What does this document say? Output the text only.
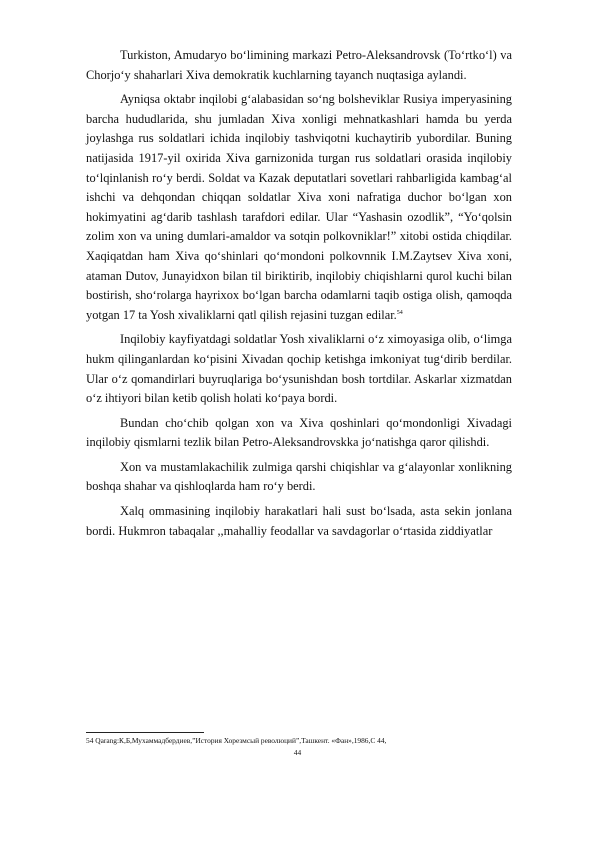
Turkiston, Amudaryo bo‘limining markazi Petro-Aleksandrovsk (To‘rtko‘l) va Chorjo‘y shaharlari Xiva demokratik kuchlarning tayanch nuqtasiga aylandi.

Ayniqsa oktabr inqilobi g‘alabasidan so‘ng bolsheviklar Rusiya imperyasining barcha hududlarida, shu jumladan Xiva xonligi mehnatkashlari hamda bu yerda joylashga rus soldatlari ichida inqilobiy tashviqotni kuchaytirib yubordilar. Buning natijasida 1917-yil oxirida Xiva garnizonida turgan rus soldatlari orasida inqilobiy to‘lqinlanish ro‘y berdi. Soldat va Kazak deputatlari sovetlari rahbarligida kambag‘al ishchi va dehqondan chiqqan soldatlar Xiva xoni nafratiga duchor bo‘lgan xon hokimyatini ag‘darib tashlash tarafdori edilar. Ular “Yashasin ozodlik”, “Yo‘qolsin zolim xon va uning dumlari-amaldor va sotqin polkovniklar!” xitobi ostida chiqdilar. Xaqiqatdan ham Xiva qo‘shinlari qo‘mondoni polkovnnik I.M.Zaytsev Xiva xoni, ataman Dutov, Junayidxon bilan til biriktirib, inqilobiy chiqishlarni qurol kuchi bilan bostirish, sho‘rolarga hayrixox bo‘lgan barcha odamlarni taqib ostiga olish, qamoqda yotgan 17 ta Yosh xivaliklarni qatl qilish rejasini tuzgan edilar.$^{54}$

Inqilobiy kayfiyatdagi soldatlar Yosh xivaliklarni o‘z ximoyasiga olib, o‘limga hukm qilinganlardan ko‘pisini Xivadan qochip ketishga imkoniyat tug‘dirib berdilar. Ular o‘z qomandirlari buyruqlariga bo‘ysunishdan bosh tortdilar. Askarlar xizmatdan o‘z ihtiyori bilan ketib qolish holati ko‘paya bordi.

Bundan cho‘chib qolgan xon va Xiva qoshinlari qo‘mondonligi Xivadagi inqilobiy qismlarni tezlik bilan Petro-Aleksandrovskka jo‘natishga qaror qilishdi.

Xon va mustamlakachilik zulmiga qarshi chiqishlar va g‘alayonlar xonlikning boshqa shahar va qishloqlarda ham ro‘y berdi.

Xalq ommasining inqilobiy harakatlari hali sust bo‘lsada, asta sekin jonlana bordi. Hukmron tabaqalar ,,mahalliy feodallar va savdagorlar o‘rtasida ziddiyatlar

54 Qarang:К,Б,Мухаммадбердиев,”История Хорезмсый революций”,Ташкент. «Фан»,1986,С 44,
44
